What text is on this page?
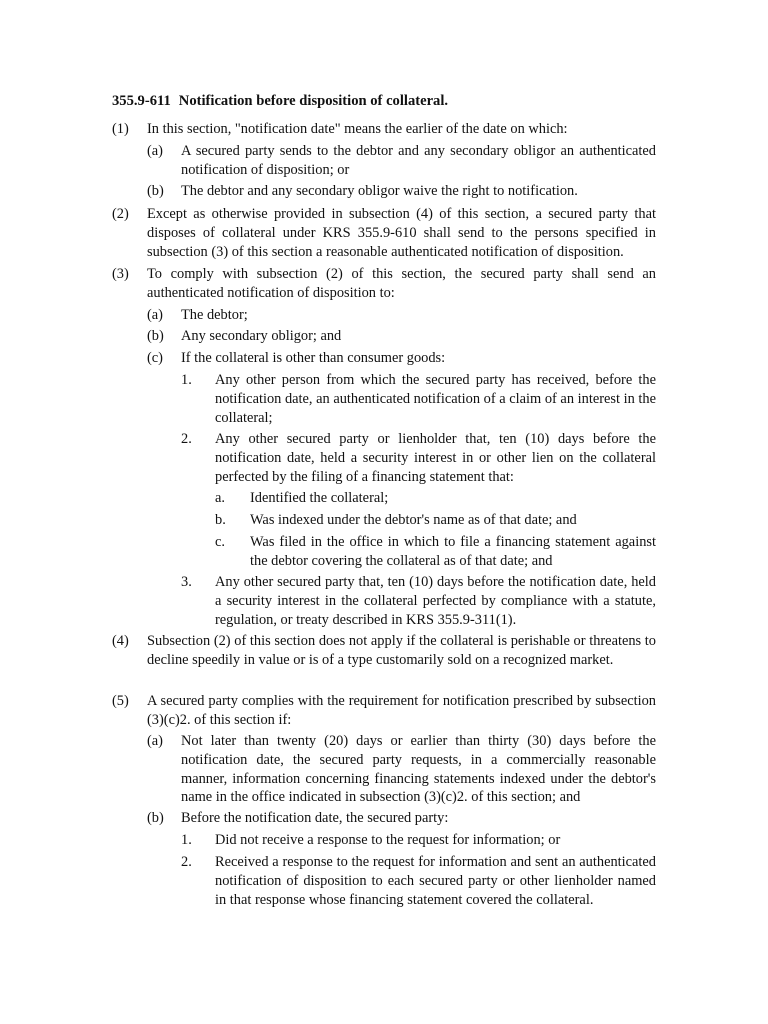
355.9-611 Notification before disposition of collateral.
(1) In this section, "notification date" means the earlier of the date on which:
(a) A secured party sends to the debtor and any secondary obligor an authenticated notification of disposition; or
(b) The debtor and any secondary obligor waive the right to notification.
(2) Except as otherwise provided in subsection (4) of this section, a secured party that disposes of collateral under KRS 355.9-610 shall send to the persons specified in subsection (3) of this section a reasonable authenticated notification of disposition.
(3) To comply with subsection (2) of this section, the secured party shall send an authenticated notification of disposition to:
(a) The debtor;
(b) Any secondary obligor; and
(c) If the collateral is other than consumer goods:
1. Any other person from which the secured party has received, before the notification date, an authenticated notification of a claim of an interest in the collateral;
2. Any other secured party or lienholder that, ten (10) days before the notification date, held a security interest in or other lien on the collateral perfected by the filing of a financing statement that:
a. Identified the collateral;
b. Was indexed under the debtor's name as of that date; and
c. Was filed in the office in which to file a financing statement against the debtor covering the collateral as of that date; and
3. Any other secured party that, ten (10) days before the notification date, held a security interest in the collateral perfected by compliance with a statute, regulation, or treaty described in KRS 355.9-311(1).
(4) Subsection (2) of this section does not apply if the collateral is perishable or threatens to decline speedily in value or is of a type customarily sold on a recognized market.
(5) A secured party complies with the requirement for notification prescribed by subsection (3)(c)2. of this section if:
(a) Not later than twenty (20) days or earlier than thirty (30) days before the notification date, the secured party requests, in a commercially reasonable manner, information concerning financing statements indexed under the debtor's name in the office indicated in subsection (3)(c)2. of this section; and
(b) Before the notification date, the secured party:
1. Did not receive a response to the request for information; or
2. Received a response to the request for information and sent an authenticated notification of disposition to each secured party or other lienholder named in that response whose financing statement covered the collateral.
